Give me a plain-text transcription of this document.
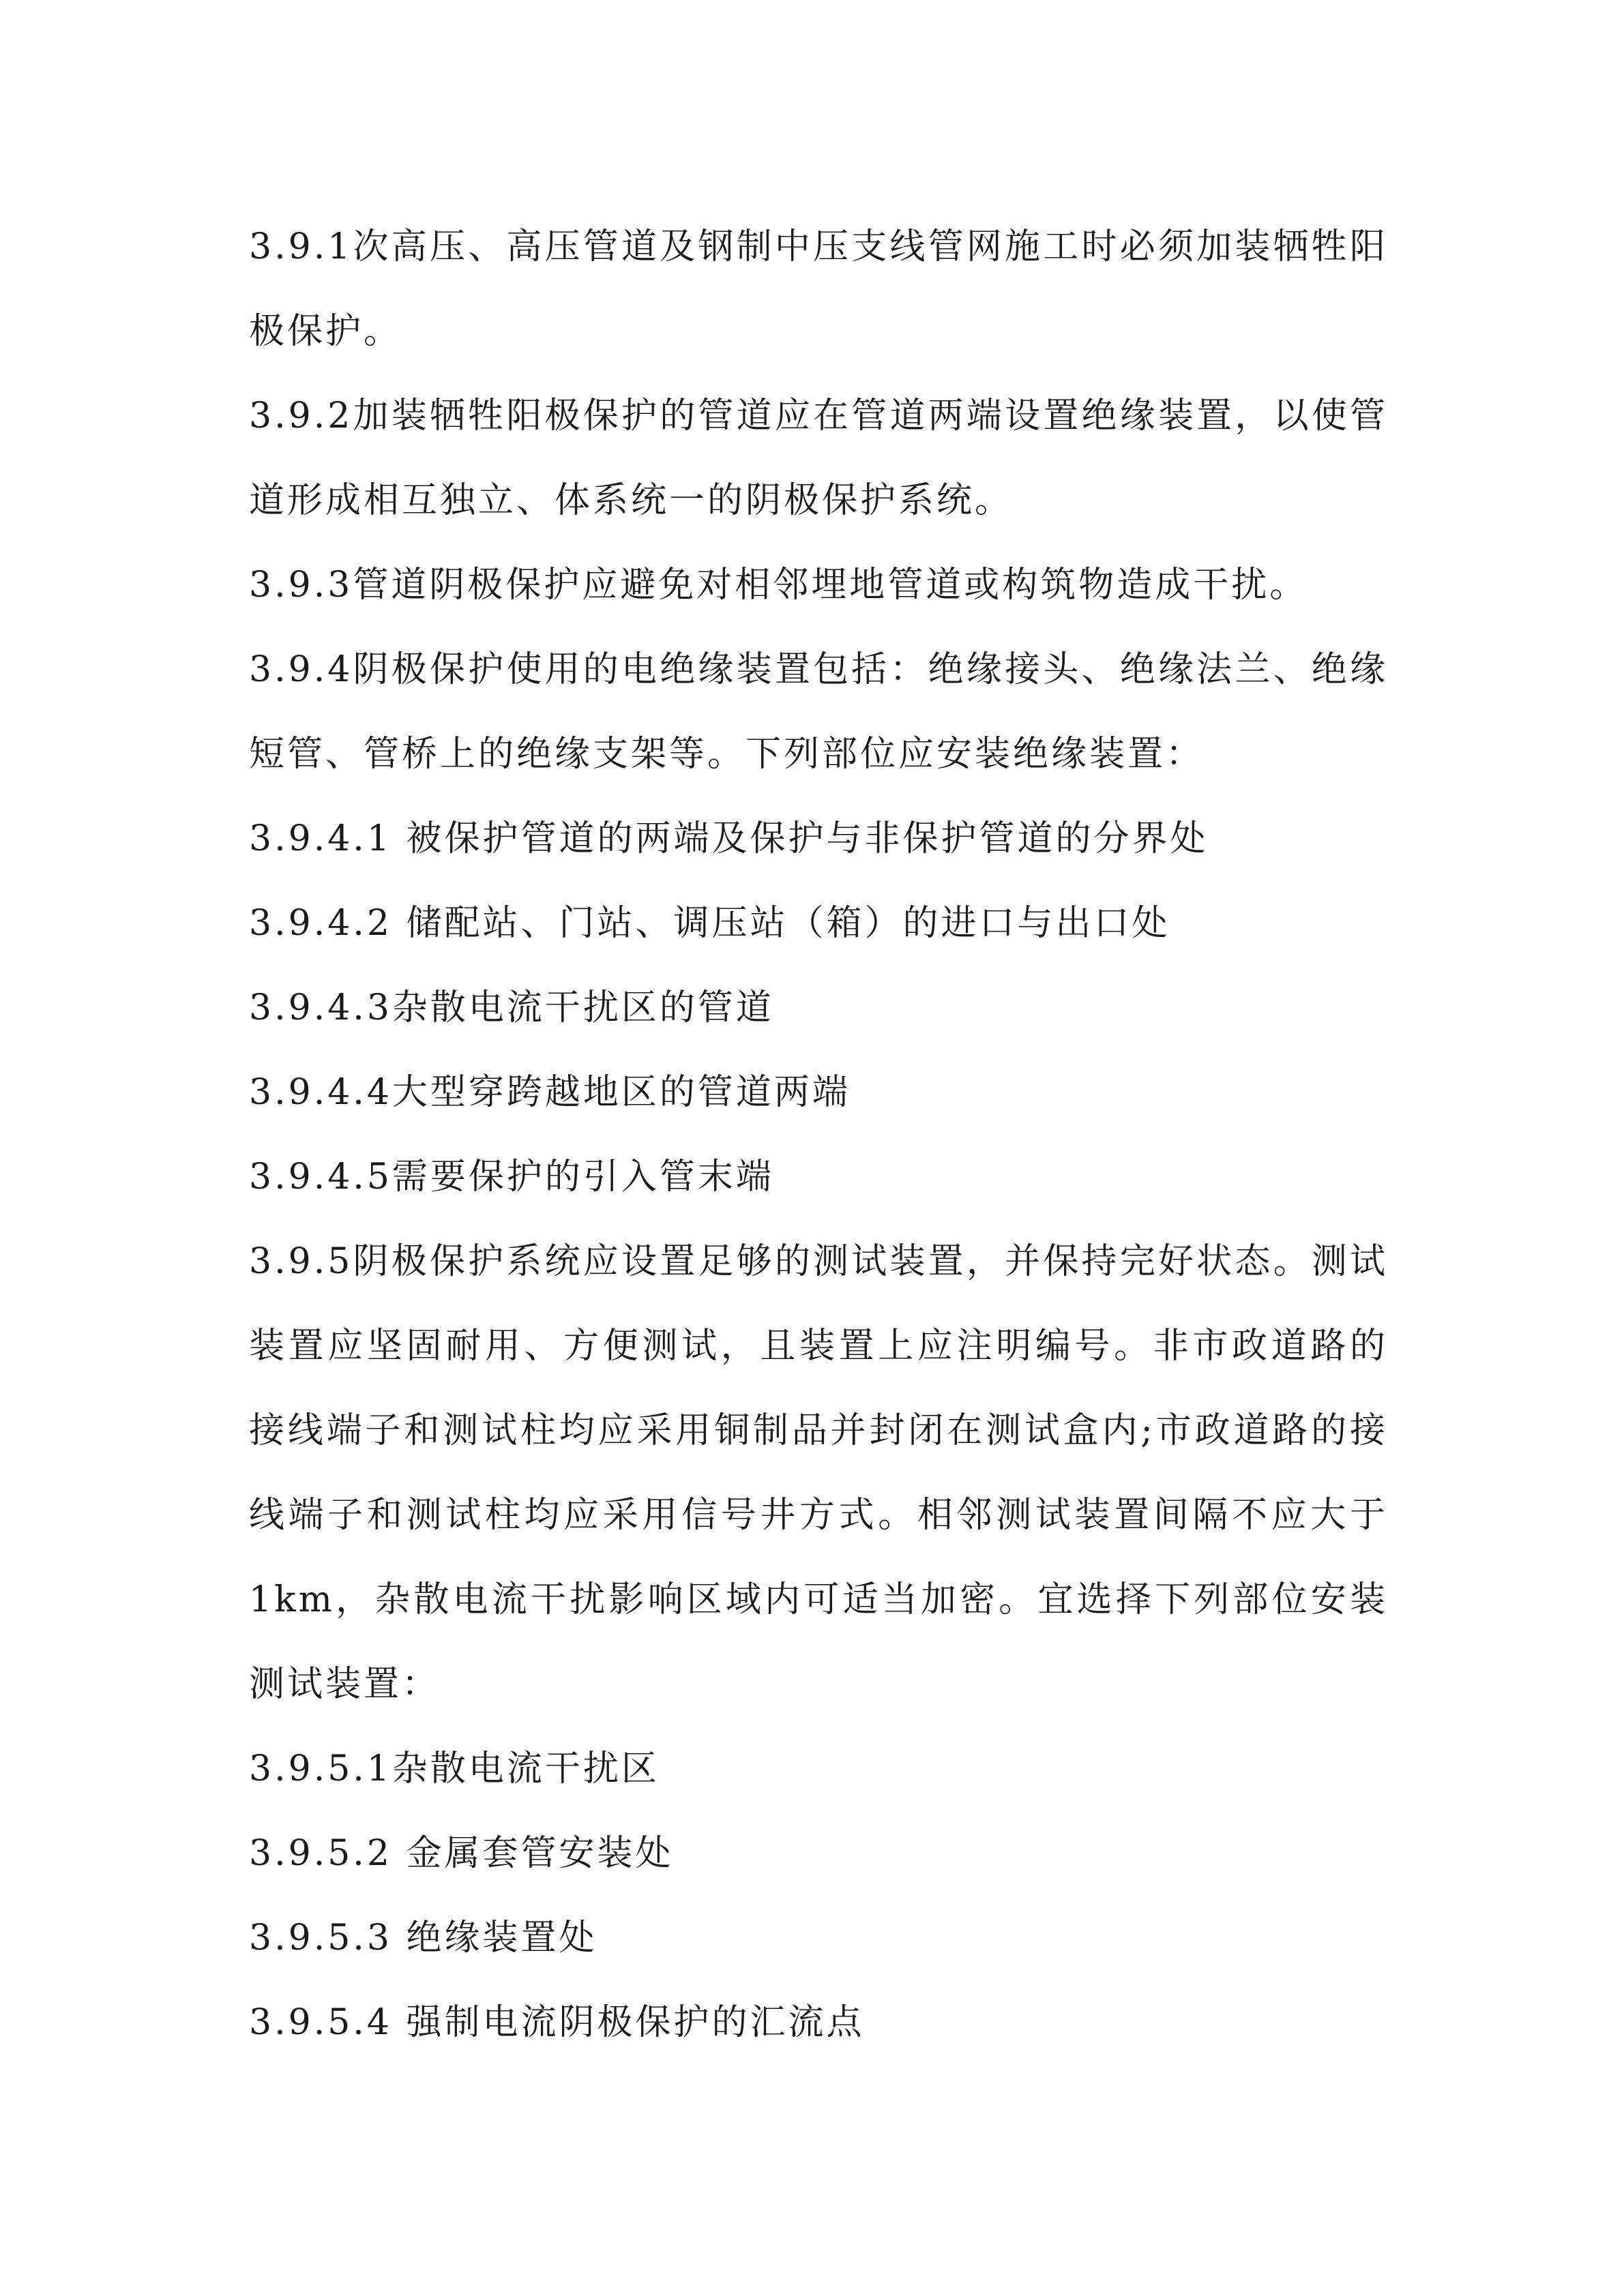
3.9.1次高压、高压管道及钢制中压支线管网施工时必须加装牺牲阳极保护。

3.9.2加装牺牲阳极保护的管道应在管道两端设置绝缘装置，以使管道形成相互独立、体系统一的阴极保护系统。

3.9.3管道阴极保护应避免对相邻埋地管道或构筑物造成干扰。

3.9.4阴极保护使用的电绝缘装置包括：绝缘接头、绝缘法兰、绝缘短管、管桥上的绝缘支架等。下列部位应安装绝缘装置：

3.9.4.1 被保护管道的两端及保护与非保护管道的分界处

3.9.4.2 储配站、门站、调压站（箱）的进口与出口处

3.9.4.3杂散电流干扰区的管道

3.9.4.4大型穿跨越地区的管道两端

3.9.4.5需要保护的引入管末端

3.9.5阴极保护系统应设置足够的测试装置，并保持完好状态。测试装置应坚固耐用、方便测试，且装置上应注明编号。非市政道路的接线端子和测试柱均应采用铜制品并封闭在测试盒内;市政道路的接线端子和测试柱均应采用信号井方式。相邻测试装置间隔不应大于1km，杂散电流干扰影响区域内可适当加密。宜选择下列部位安装测试装置：

3.9.5.1杂散电流干扰区

3.9.5.2 金属套管安装处

3.9.5.3 绝缘装置处

3.9.5.4 强制电流阴极保护的汇流点
